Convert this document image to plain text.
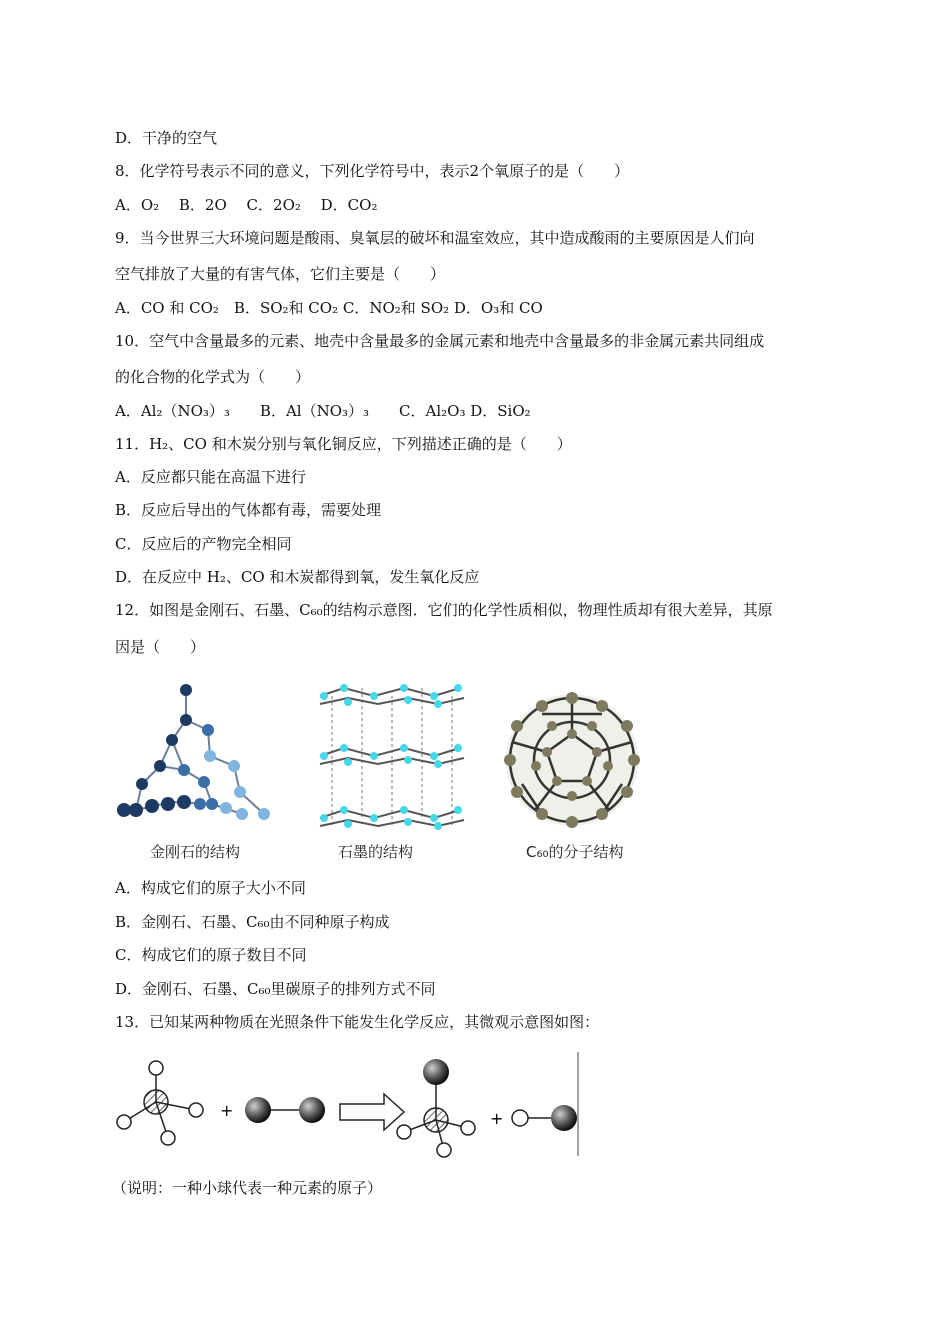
D．干净的空气
8．化学符号表示不同的意义，下列化学符号中，表示2个氧原子的是（　　）
A．O₂　 B．2O　 C．2O₂　 D．CO₂
9．当今世界三大环境问题是酸雨、臭氧层的破坏和温室效应，其中造成酸雨的主要原因是人们向
空气排放了大量的有害气体，它们主要是（　　）
A．CO 和 CO₂　B．SO₂和 CO₂ C．NO₂和 SO₂ D．O₃和 CO
10．空气中含量最多的元素、地壳中含量最多的金属元素和地壳中含量最多的非金属元素共同组成
的化合物的化学式为（　　）
A．Al₂（NO₃）₃　　B．Al（NO₃）₃　　C．Al₂O₃ D．SiO₂
11．H₂、CO 和木炭分别与氧化铜反应，下列描述正确的是（　　）
A．反应都只能在高温下进行
B．反应后导出的气体都有毒，需要处理
C．反应后的产物完全相同
D．在反应中 H₂、CO 和木炭都得到氧，发生氧化反应
12．如图是金刚石、石墨、C₆₀的结构示意图．它们的化学性质相似，物理性质却有很大差异，其原
因是（　　）
金刚石的结构	石墨的结构	C₆₀的分子结构
A．构成它们的原子大小不同
B．金刚石、石墨、C₆₀由不同种原子构成
C．构成它们的原子数目不同
D．金刚石、石墨、C₆₀里碳原子的排列方式不同
13．已知某两种物质在光照条件下能发生化学反应，其微观示意图如图：
+	+
（说明：一种小球代表一种元素的原子）
